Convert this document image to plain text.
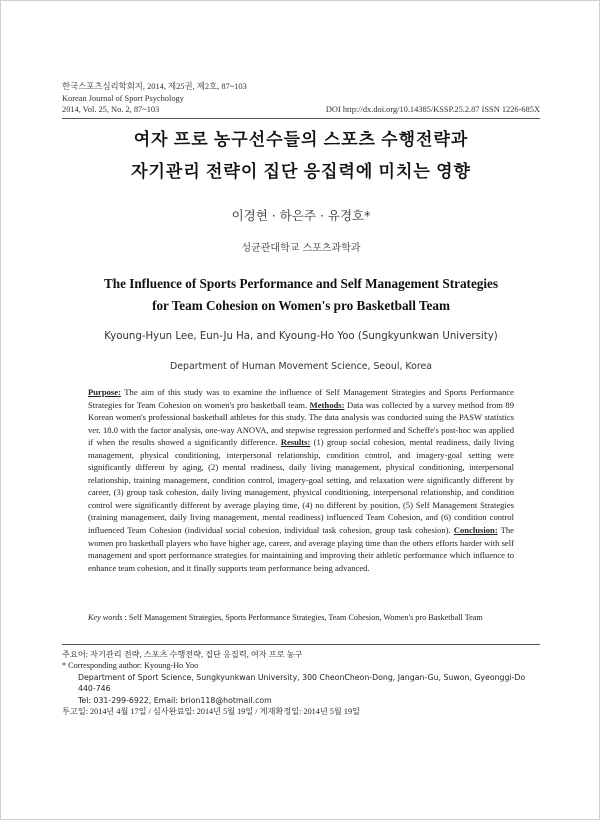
한국스포츠심리학회지, 2014, 제25권, 제2호, 87~103
Korean Journal of Sport Psychology
2014, Vol. 25, No. 2, 87~103	DOI http://dx.doi.org/10.14385/KSSP.25.2.87 ISSN 1226-685X
여자 프로 농구선수들의 스포츠 수행전략과
자기관리 전략이 집단 응집력에 미치는 영향
이경현 · 하은주 · 유경호*
성균관대학교 스포츠과학과
The Influence of Sports Performance and Self Management Strategies
for Team Cohesion on Women's pro Basketball Team
Kyoung-Hyun Lee, Eun-Ju Ha, and Kyoung-Ho Yoo (Sungkyunkwan University)
Department of Human Movement Science, Seoul, Korea

Purpose: The aim of this study was to examine the influence of Self Management Strategies and Sports Performance Strategies for Team Cohesion on women's pro basketball team. Methods: Data was collected by a survey method from 89 Korean women's professional basketball athletes for this study. The data analysis was conducted suing the PASW statistics ver. 18.0 with the factor analysis, one-way ANOVA, and stepwise regression performed and Scheffe's post-hoc was applied if when the results showed a significantly difference. Results: (1) group social cohesion, mental readiness, daily living management, physical conditioning, interpersonal relationship, condition control, and imagery-goal setting were significantly different by aging, (2) mental readiness, daily living management, physical conditioning, interpersonal relationship, training management, condition control, imagery-goal setting, and relaxation were significantly different by career, (3) group task cohesion, daily living management, physical conditioning, interpersonal relationship, and condition control were significantly different by average playing time, (4) no different by position, (5) Self Management Strategies (training management, daily living management, mental readiness) influenced Team Cohesion, and (6) condition control influenced Team Cohesion (individual social cohesion, individual task cohesion, group task cohesion). Conclusion: The women pro basketball players who have higher age, career, and average playing time than the others efforts harder with self management and sport performance strategies for maintaining and improving their athletic performance which influence to enhance team cohesion, and it finally supports team performance being advanced.

Key words : Self Management Strategies, Sports Performance Strategies, Team Cohesion, Women's pro Basketball Team
주요어: 자기관리 전략, 스포츠 수행전략, 집단 응집력, 여자 프로 농구
* Corresponding author: Kyoung-Ho Yoo
Department of Sport Science, Sungkyunkwan University, 300 CheonCheon-Dong, Jangan-Gu, Suwon, Gyeonggi-Do 440-746
Tel: 031-299-6922, Email: brion118@hotmail.com
투고일: 2014년 4월 17일 / 심사완료일: 2014년 5월 19일 / 게재확정일: 2014년 5월 19일
